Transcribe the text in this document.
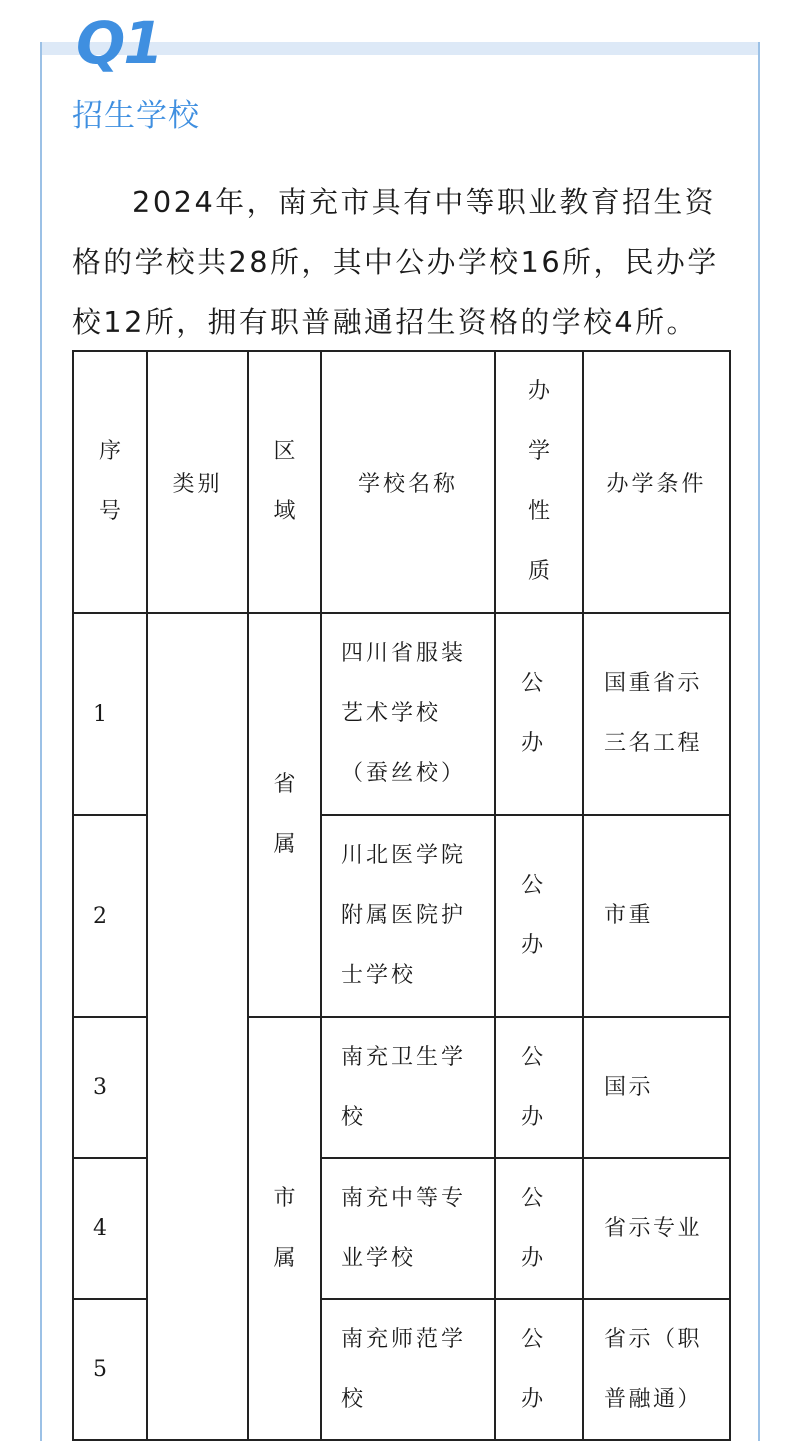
Q1
招生学校

2024年，南充市具有中等职业教育招生资格的学校共28所，其中公办学校16所，民办学校12所，拥有职普融通招生资格的学校4所。

序号	类别	区域	学校名称	办学性质	办学条件
1		省属	四川省服装艺术学校（蚕丝校）	公办	国重省示三名工程
2			川北医学院附属医院护士学校	公办	市重
3		市属	南充卫生学校	公办	国示
4			南充中等专业学校	公办	省示专业
5			南充师范学校	公办	省示（职普融通）
